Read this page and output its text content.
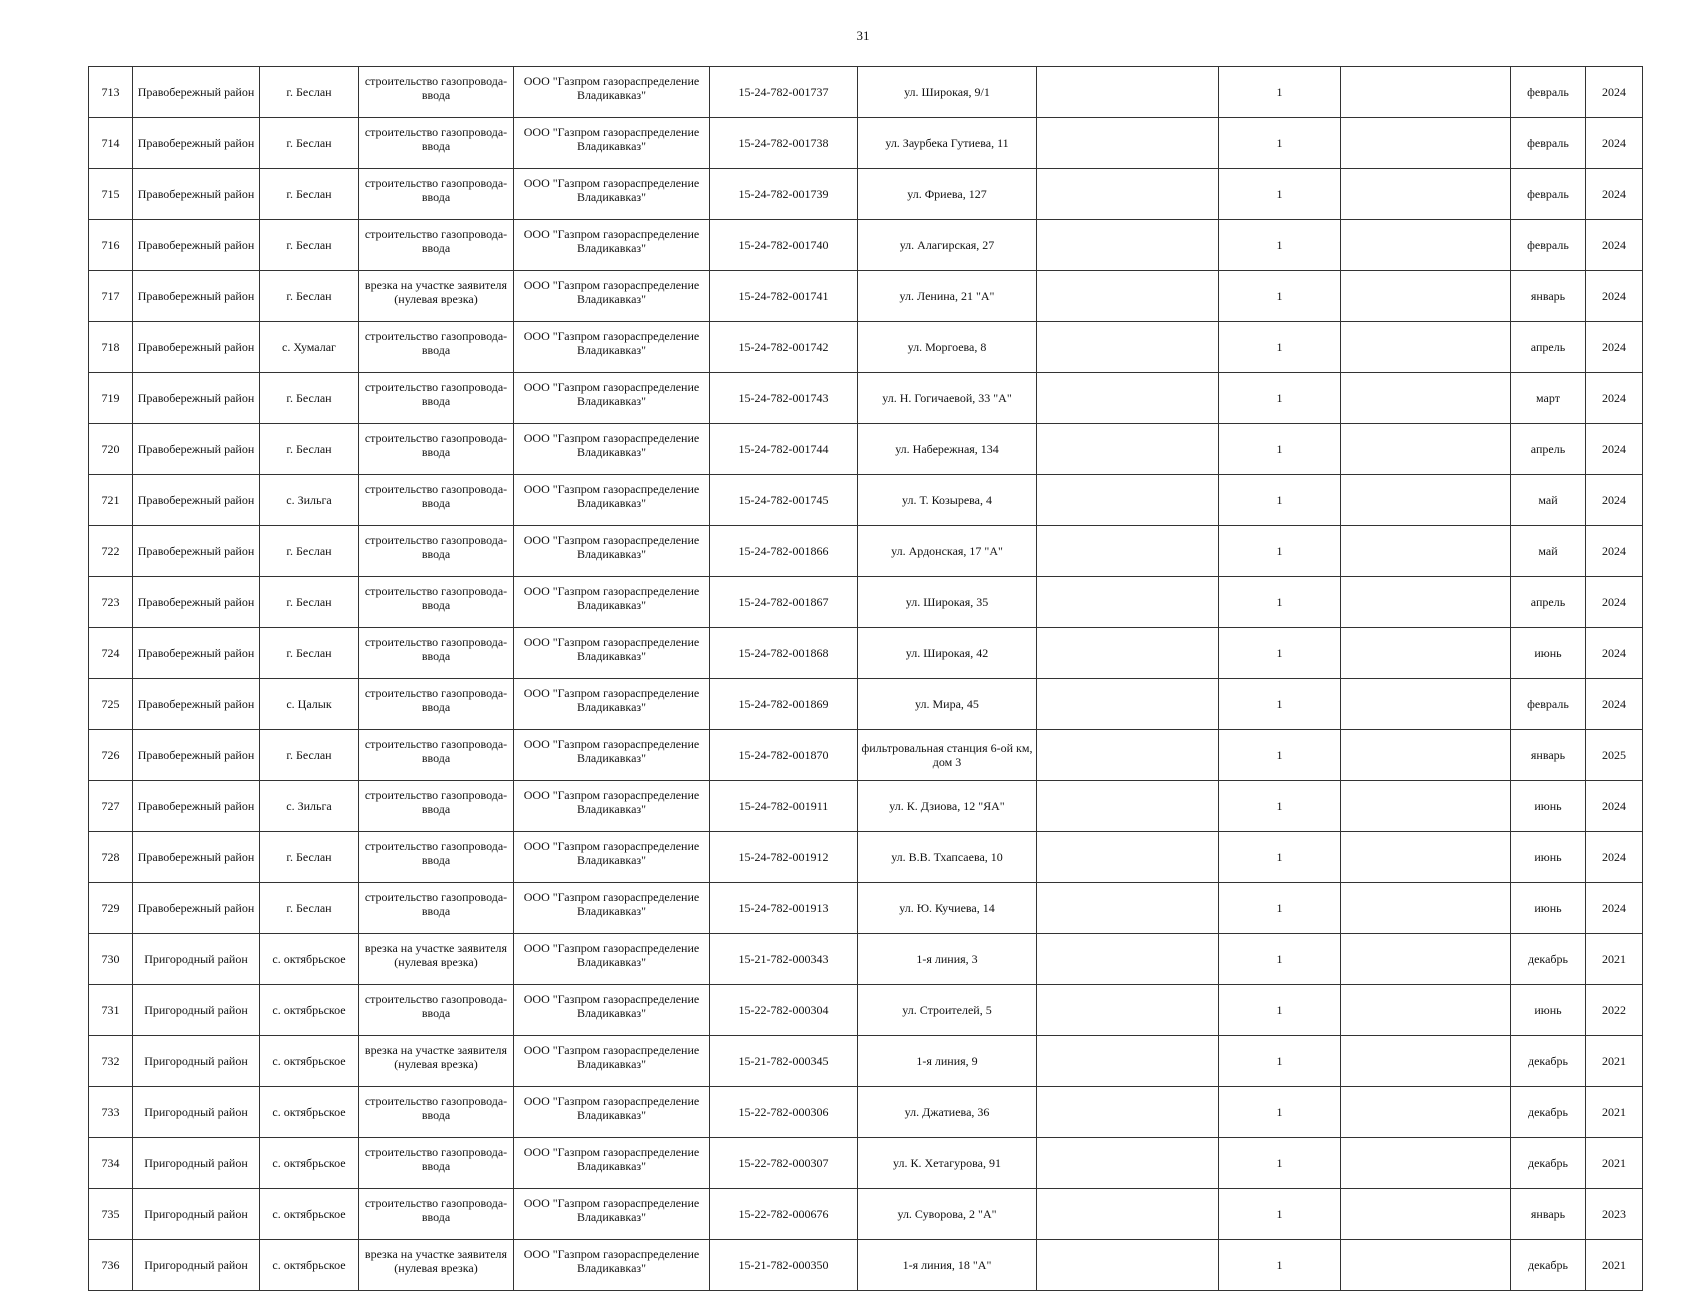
31
713	Правобережный район	г. Беслан	строительство газопровода-ввода	ООО "Газпром газораспределение Владикавказ"	15-24-782-001737	ул. Широкая, 9/1		1		февраль	2024
714	Правобережный район	г. Беслан	строительство газопровода-ввода	ООО "Газпром газораспределение Владикавказ"	15-24-782-001738	ул. Заурбека Гутиева, 11		1		февраль	2024
715	Правобережный район	г. Беслан	строительство газопровода-ввода	ООО "Газпром газораспределение Владикавказ"	15-24-782-001739	ул. Фриева, 127		1		февраль	2024
716	Правобережный район	г. Беслан	строительство газопровода-ввода	ООО "Газпром газораспределение Владикавказ"	15-24-782-001740	ул. Алагирская, 27		1		февраль	2024
717	Правобережный район	г. Беслан	врезка на участке заявителя (нулевая врезка)	ООО "Газпром газораспределение Владикавказ"	15-24-782-001741	ул. Ленина, 21 "А"		1		январь	2024
718	Правобережный район	с. Хумалаг	строительство газопровода-ввода	ООО "Газпром газораспределение Владикавказ"	15-24-782-001742	ул. Моргоева, 8		1		апрель	2024
719	Правобережный район	г. Беслан	строительство газопровода-ввода	ООО "Газпром газораспределение Владикавказ"	15-24-782-001743	ул. Н. Гогичаевой, 33 "А"		1		март	2024
720	Правобережный район	г. Беслан	строительство газопровода-ввода	ООО "Газпром газораспределение Владикавказ"	15-24-782-001744	ул. Набережная, 134		1		апрель	2024
721	Правобережный район	с. Зильга	строительство газопровода-ввода	ООО "Газпром газораспределение Владикавказ"	15-24-782-001745	ул. Т. Козырева, 4		1		май	2024
722	Правобережный район	г. Беслан	строительство газопровода-ввода	ООО "Газпром газораспределение Владикавказ"	15-24-782-001866	ул. Ардонская, 17 "А"		1		май	2024
723	Правобережный район	г. Беслан	строительство газопровода-ввода	ООО "Газпром газораспределение Владикавказ"	15-24-782-001867	ул. Широкая, 35		1		апрель	2024
724	Правобережный район	г. Беслан	строительство газопровода-ввода	ООО "Газпром газораспределение Владикавказ"	15-24-782-001868	ул. Широкая, 42		1		июнь	2024
725	Правобережный район	с. Цалык	строительство газопровода-ввода	ООО "Газпром газораспределение Владикавказ"	15-24-782-001869	ул. Мира, 45		1		февраль	2024
726	Правобережный район	г. Беслан	строительство газопровода-ввода	ООО "Газпром газораспределение Владикавказ"	15-24-782-001870	фильтровальная станция 6-ой км, дом 3		1		январь	2025
727	Правобережный район	с. Зильга	строительство газопровода-ввода	ООО "Газпром газораспределение Владикавказ"	15-24-782-001911	ул. К. Дзиова, 12 "ЯА"		1		июнь	2024
728	Правобережный район	г. Беслан	строительство газопровода-ввода	ООО "Газпром газораспределение Владикавказ"	15-24-782-001912	ул. В.В. Тхапсаева, 10		1		июнь	2024
729	Правобережный район	г. Беслан	строительство газопровода-ввода	ООО "Газпром газораспределение Владикавказ"	15-24-782-001913	ул. Ю. Кучиева, 14		1		июнь	2024
730	Пригородный район	с. октябрьское	врезка на участке заявителя (нулевая врезка)	ООО "Газпром газораспределение Владикавказ"	15-21-782-000343	1-я линия, 3		1		декабрь	2021
731	Пригородный район	с. октябрьское	строительство газопровода-ввода	ООО "Газпром газораспределение Владикавказ"	15-22-782-000304	ул. Строителей, 5		1		июнь	2022
732	Пригородный район	с. октябрьское	врезка на участке заявителя (нулевая врезка)	ООО "Газпром газораспределение Владикавказ"	15-21-782-000345	1-я линия, 9		1		декабрь	2021
733	Пригородный район	с. октябрьское	строительство газопровода-ввода	ООО "Газпром газораспределение Владикавказ"	15-22-782-000306	ул. Джатиева, 36		1		декабрь	2021
734	Пригородный район	с. октябрьское	строительство газопровода-ввода	ООО "Газпром газораспределение Владикавказ"	15-22-782-000307	ул. К. Хетагурова, 91		1		декабрь	2021
735	Пригородный район	с. октябрьское	строительство газопровода-ввода	ООО "Газпром газораспределение Владикавказ"	15-22-782-000676	ул. Суворова, 2 "А"		1		январь	2023
736	Пригородный район	с. октябрьское	врезка на участке заявителя (нулевая врезка)	ООО "Газпром газораспределение Владикавказ"	15-21-782-000350	1-я линия, 18 "А"		1		декабрь	2021
